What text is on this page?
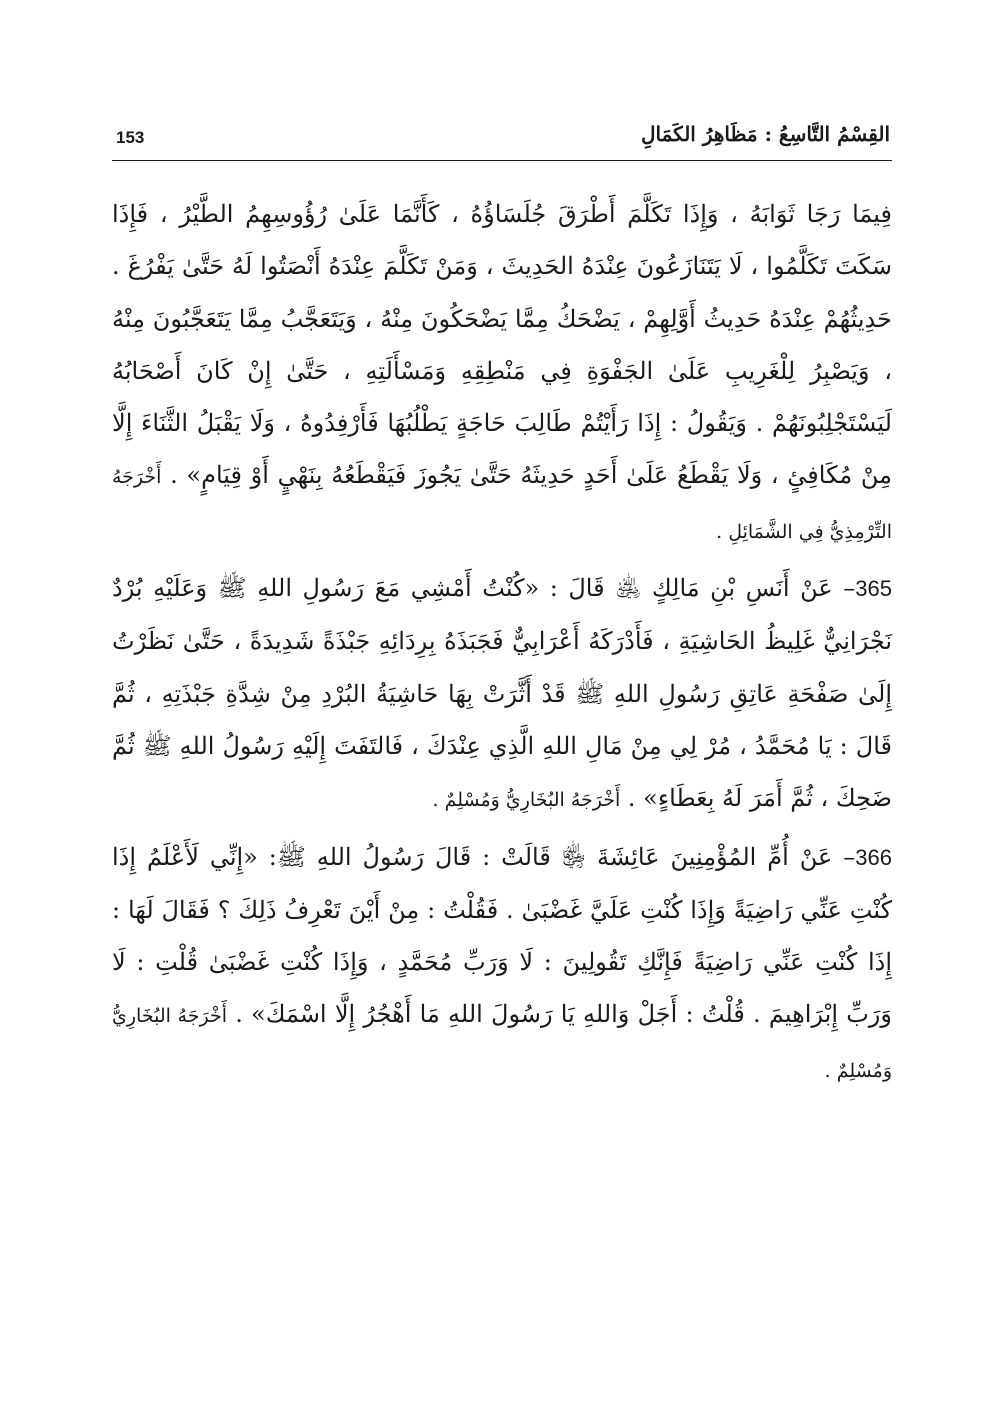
153	القِسْمُ التَّاسِعُ : مَظَاهِرُ الكَمَالِ

فِيمَا رَجَا ثَوَابَهُ ، وَإِذَا تَكَلَّمَ أَطْرَقَ جُلَسَاؤُهُ ، كَأَنَّمَا عَلَىٰ رُؤُوسِهِمُ الطَّيْرُ ، فَإِذَا سَكَتَ تَكَلَّمُوا ، لَا يَتَنَازَعُونَ عِنْدَهُ الحَدِيثَ ، وَمَنْ تَكَلَّمَ عِنْدَهُ أَنْصَتُوا لَهُ حَتَّىٰ يَفْرُغَ . حَدِيثُهُمْ عِنْدَهُ حَدِيثُ أَوَّلِهِمْ ، يَضْحَكُ مِمَّا يَضْحَكُونَ مِنْهُ ، وَيَتَعَجَّبُ مِمَّا يَتَعَجَّبُونَ مِنْهُ ، وَيَصْبِرُ لِلْغَرِيبِ عَلَىٰ الجَفْوَةِ فِي مَنْطِقِهِ وَمَسْأَلَتِهِ ، حَتَّىٰ إِنْ كَانَ أَصْحَابُهُ لَيَسْتَجْلِبُونَهُمْ . وَيَقُولُ : إِذَا رَأَيْتُمْ طَالِبَ حَاجَةٍ يَطْلُبُهَا فَأَرْفِدُوهُ ، وَلَا يَقْبَلُ الثَّنَاءَ إِلَّا مِنْ مُكَافِئٍ ، وَلَا يَقْطَعُ عَلَىٰ أَحَدٍ حَدِيثَهُ حَتَّىٰ يَجُوزَ فَيَقْطَعُهُ بِنَهْيٍ أَوْ قِيَامٍ» . أَخْرَجَهُ التِّرْمِذِيُّ فِي الشَّمَائِلِ .

365– عَنْ أَنَسِ بْنِ مَالِكٍ ﵁ قَالَ : «كُنْتُ أَمْشِي مَعَ رَسُولِ اللهِ ﷺ وَعَلَيْهِ بُرْدٌ نَجْرَانِيٌّ غَلِيظُ الحَاشِيَةِ ، فَأَدْرَكَهُ أَعْرَابِيٌّ فَجَبَذَهُ بِرِدَائِهِ جَبْذَةً شَدِيدَةً ، حَتَّىٰ نَظَرْتُ إِلَىٰ صَفْحَةِ عَاتِقِ رَسُولِ اللهِ ﷺ قَدْ أَثَّرَتْ بِهَا حَاشِيَةُ البُرْدِ مِنْ شِدَّةِ جَبْذَتِهِ ، ثُمَّ قَالَ : يَا مُحَمَّدُ ، مُرْ لِي مِنْ مَالِ اللهِ الَّذِي عِنْدَكَ ، فَالتَفَتَ إِلَيْهِ رَسُولُ اللهِ ﷺ ثُمَّ ضَحِكَ ، ثُمَّ أَمَرَ لَهُ بِعَطَاءٍ» . أَخْرَجَهُ البُخَارِيُّ وَمُسْلِمٌ .

366– عَنْ أُمِّ المُؤْمِنِينَ عَائِشَةَ ﵂ قَالَتْ : قَالَ رَسُولُ اللهِ ﷺ: «إِنِّي لَأَعْلَمُ إِذَا كُنْتِ عَنِّي رَاضِيَةً وَإِذَا كُنْتِ عَلَيَّ غَضْبَىٰ . فَقُلْتُ : مِنْ أَيْنَ تَعْرِفُ ذَلِكَ ؟ فَقَالَ لَهَا : إِذَا كُنْتِ عَنِّي رَاضِيَةً فَإِنَّكِ تَقُولِينَ : لَا وَرَبِّ مُحَمَّدٍ ، وَإِذَا كُنْتِ غَضْبَىٰ قُلْتِ : لَا وَرَبِّ إِبْرَاهِيمَ . قُلْتُ : أَجَلْ وَاللهِ يَا رَسُولَ اللهِ مَا أَهْجُرُ إِلَّا اسْمَكَ» . أَخْرَجَهُ البُخَارِيُّ وَمُسْلِمٌ .
